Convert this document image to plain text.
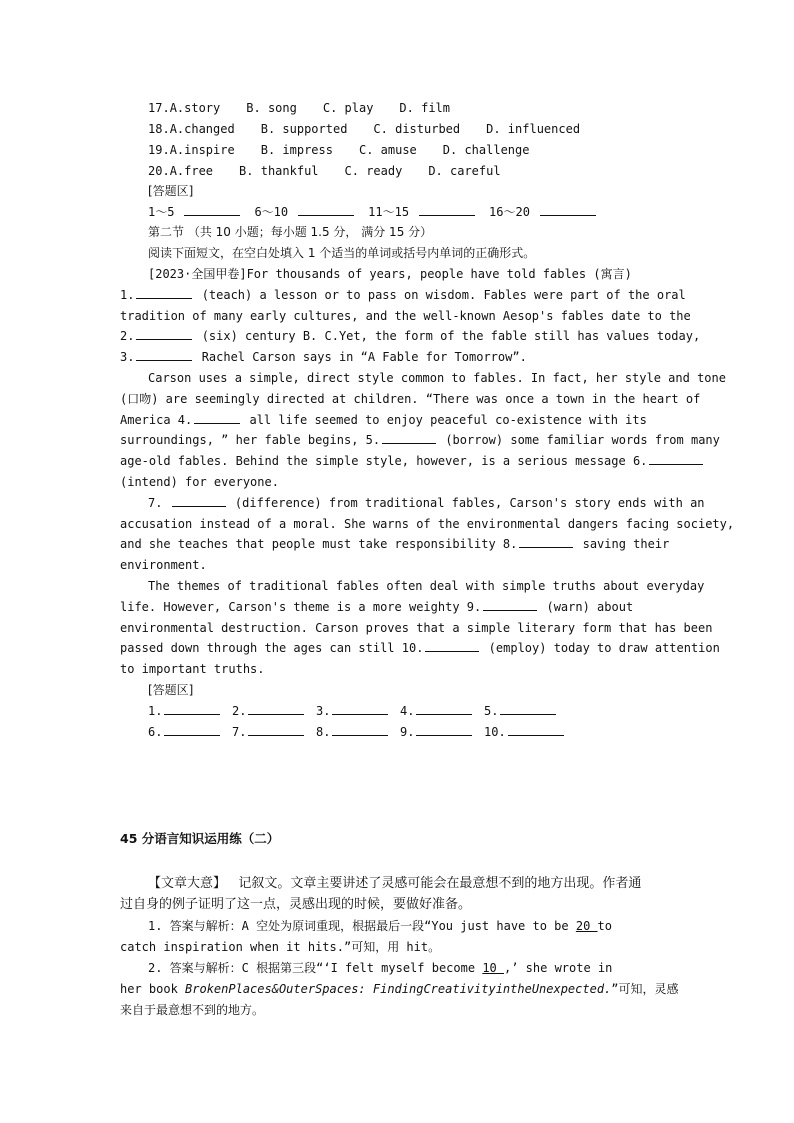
17.A.story B. song C. play D. film
18.A.changed B. supported C. disturbed D. influenced
19.A.inspire B. impress C. amuse D. challenge
20.A.free B. thankful C. ready D. careful
[答题区]
1～5	6～10	11～15	16～20
第二节 （共 10 小题；每小题 1.5 分， 满分 15 分）
阅读下面短文，在空白处填入 1 个适当的单词或括号内单词的正确形式。
[2023·全国甲卷]For thousands of years, people have told fables (寓言)
1.	(teach) a lesson or to pass on wisdom. Fables were part of the oral
tradition of many early cultures, and the well-known Aesop's fables date to the
2.	(six) century B. C.Yet, the form of the fable still has values today,
3.	Rachel Carson says in “A Fable for Tomorrow”.
Carson uses a simple, direct style common to fables. In fact, her style and tone
(口吻) are seemingly directed at children. “There was once a town in the heart of
America 4.	all life seemed to enjoy peaceful co-existence with its
surroundings, ” her fable begins, 5.	(borrow) some familiar words from many
age-old fables. Behind the simple style, however, is a serious message 6.
(intend) for everyone.
7.	(difference) from traditional fables, Carson's story ends with an
accusation instead of a moral. She warns of the environmental dangers facing society,
and she teaches that people must take responsibility 8.	saving their
environment.
The themes of traditional fables often deal with simple truths about everyday
life. However, Carson's theme is a more weighty 9.	(warn) about
environmental destruction. Carson proves that a simple literary form that has been
passed down through the ages can still 10.	(employ) today to draw attention
to important truths.
[答题区]
1.	2.	3.	4.	5.
6.	7.	8.	9.	10.
45 分语言知识运用练（二）
【文章大意】 记叙文。文章主要讲述了灵感可能会在最意想不到的地方出现。作者通
过自身的例子证明了这一点，灵感出现的时候，要做好准备。
1. 答案与解析：A 空处为原词重现，根据最后一段“You just have to be 20 to
catch inspiration when it hits.”可知，用 hit。
2. 答案与解析：C 根据第三段“‘I felt myself become 10 ,’ she wrote in
her book BrokenPlaces&OuterSpaces: FindingCreativityintheUnexpected.”可知，灵感
来自于最意想不到的地方。
